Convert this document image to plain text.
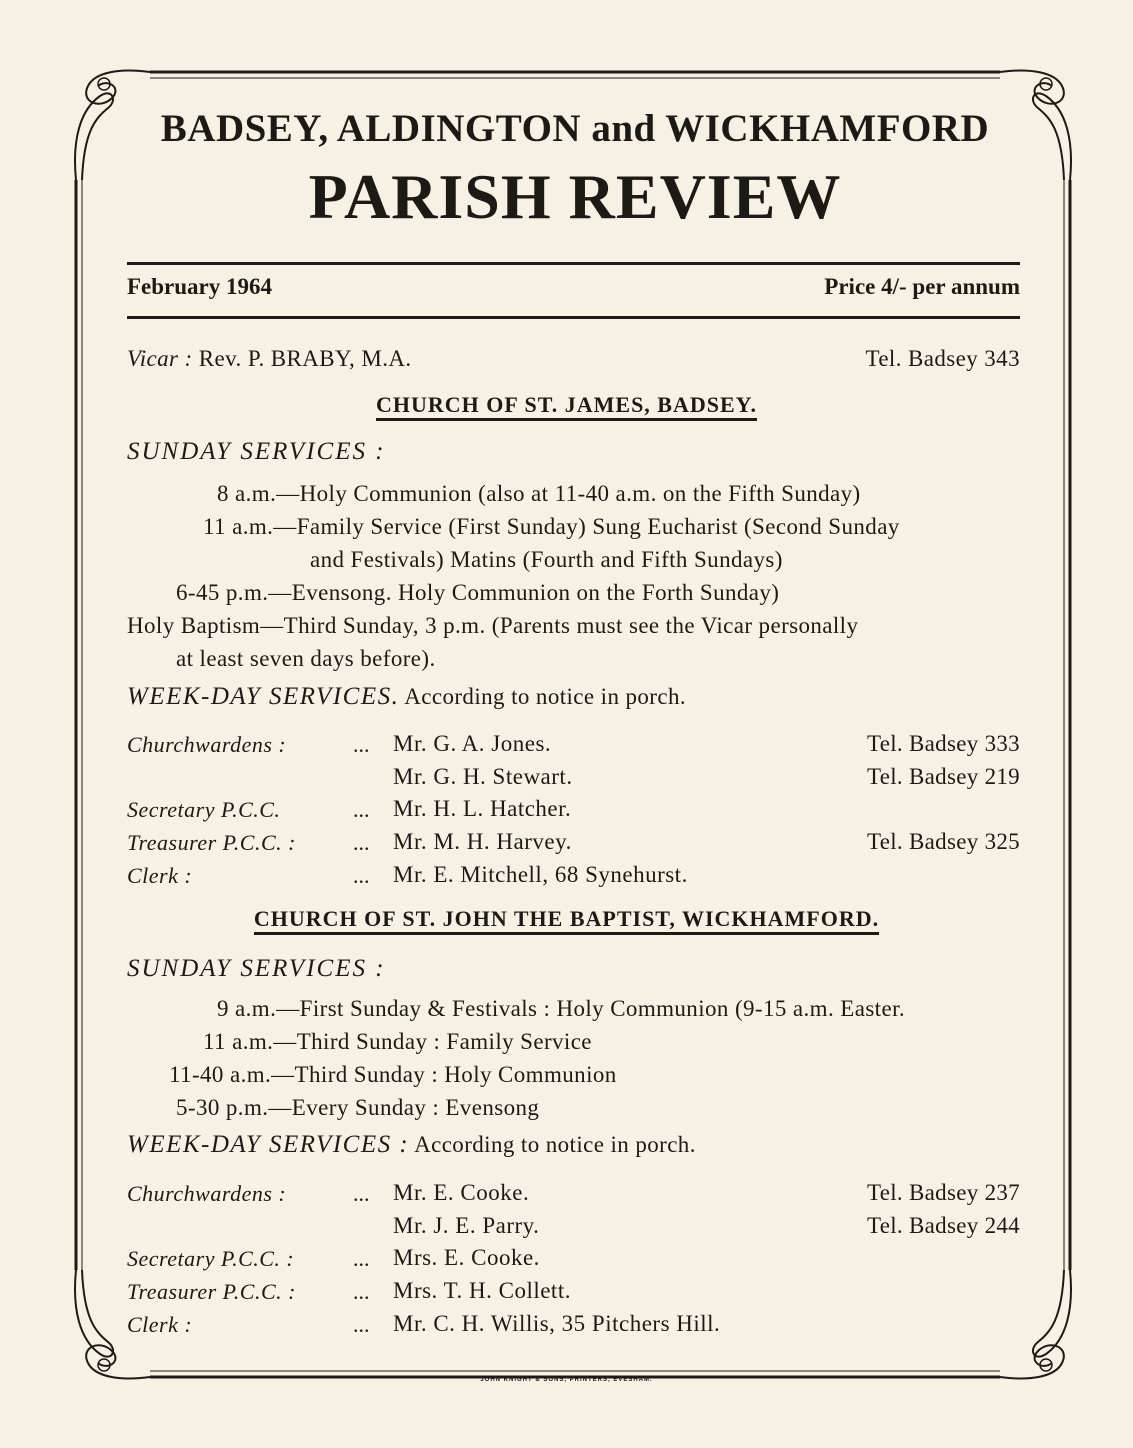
BADSEY, ALDINGTON and WICKHAMFORD
PARISH REVIEW
February 1964	Price 4/- per annum
Vicar : Rev. P. BRABY, M.A.	Tel. Badsey 343
CHURCH OF ST. JAMES, BADSEY.
SUNDAY SERVICES :
8 a.m.—Holy Communion (also at 11-40 a.m. on the Fifth Sunday)
11 a.m.—Family Service (First Sunday) Sung Eucharist (Second Sunday
and Festivals) Matins (Fourth and Fifth Sundays)
6-45 p.m.—Evensong. Holy Communion on the Forth Sunday)
Holy Baptism—Third Sunday, 3 p.m. (Parents must see the Vicar personally
at least seven days before).
WEEK-DAY SERVICES. According to notice in porch.
Churchwardens :	... Mr. G. A. Jones.	Tel. Badsey 333
Mr. G. H. Stewart.	Tel. Badsey 219
Secretary P.C.C.	... Mr. H. L. Hatcher.
Treasurer P.C.C. :	... Mr. M. H. Harvey.	Tel. Badsey 325
Clerk :	... Mr. E. Mitchell, 68 Synehurst.
CHURCH OF ST. JOHN THE BAPTIST, WICKHAMFORD.
SUNDAY SERVICES :
9 a.m.—First Sunday & Festivals : Holy Communion (9-15 a.m. Easter.
11 a.m.—Third Sunday : Family Service
11-40 a.m.—Third Sunday : Holy Communion
5-30 p.m.—Every Sunday : Evensong
WEEK-DAY SERVICES : According to notice in porch.
Churchwardens :	... Mr. E. Cooke.	Tel. Badsey 237
Mr. J. E. Parry.	Tel. Badsey 244
Secretary P.C.C. :	... Mrs. E. Cooke.
Treasurer P.C.C. :	... Mrs. T. H. Collett.
Clerk :	... Mr. C. H. Willis, 35 Pitchers Hill.
JOHN KNIGHT & SONS, PRINTERS, EVESHAM.
